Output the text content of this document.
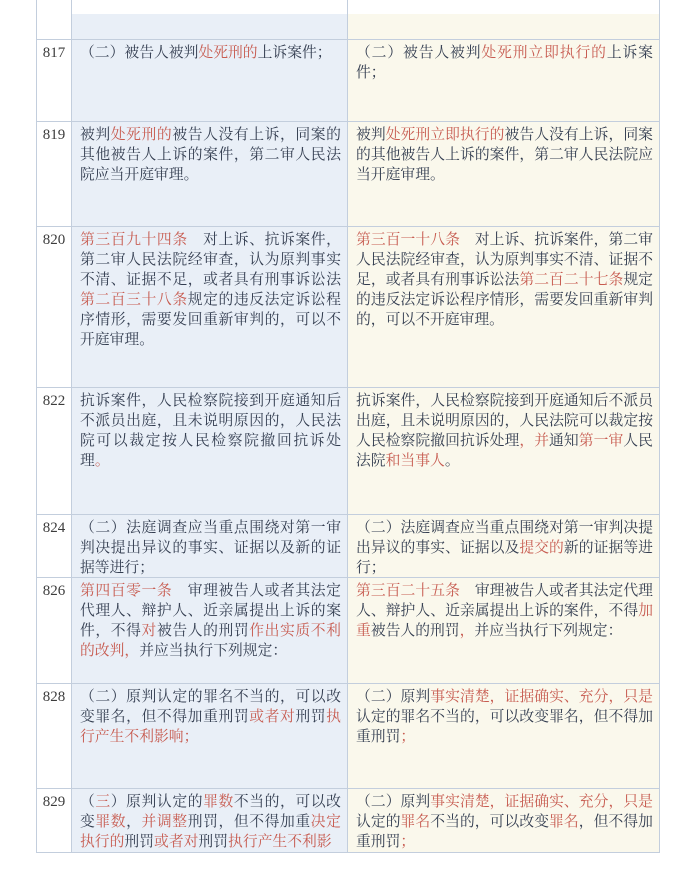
817 （二）被告人被判处死刑的上诉案件；	（二）被告人被判处死刑立即执行的上诉案件；
819 被判处死刑的被告人没有上诉，同案的其他被告人上诉的案件，第二审人民法院应当开庭审理。
被判处死刑立即执行的被告人没有上诉，同案的其他被告人上诉的案件，第二审人民法院应当开庭审理。
820 第三百九十四条　对上诉、抗诉案件，第二审人民法院经审查，认为原判事实不清、证据不足，或者具有刑事诉讼法第二百三十八条规定的违反法定诉讼程序情形，需要发回重新审判的，可以不开庭审理。
第三百一十八条　对上诉、抗诉案件，第二审人民法院经审查，认为原判事实不清、证据不足，或者具有刑事诉讼法第二百二十七条规定的违反法定诉讼程序情形，需要发回重新审判的，可以不开庭审理。
822 抗诉案件，人民检察院接到开庭通知后不派员出庭，且未说明原因的，人民法院可以裁定按人民检察院撤回抗诉处理。
抗诉案件，人民检察院接到开庭通知后不派员出庭，且未说明原因的，人民法院可以裁定按人民检察院撤回抗诉处理，并通知第一审人民法院和当事人。
824 （二）法庭调查应当重点围绕对第一审判决提出异议的事实、证据以及新的证据等进行；
（二）法庭调查应当重点围绕对第一审判决提出异议的事实、证据以及提交的新的证据等进行；
826 第四百零一条　审理被告人或者其法定代理人、辩护人、近亲属提出上诉的案件，不得对被告人的刑罚作出实质不利的改判，并应当执行下列规定：
第三百二十五条　审理被告人或者其法定代理人、辩护人、近亲属提出上诉的案件，不得加重被告人的刑罚，并应当执行下列规定：
828 （二）原判认定的罪名不当的，可以改变罪名，但不得加重刑罚或者对刑罚执行产生不利影响；
（二）原判事实清楚，证据确实、充分，只是认定的罪名不当的，可以改变罪名，但不得加重刑罚；
829 （三）原判认定的罪数不当的，可以改变罪数，并调整刑罚，但不得加重决定执行的刑罚或者对刑罚执行产生不利影
（二）原判事实清楚，证据确实、充分，只是认定的罪名不当的，可以改变罪名，但不得加重刑罚；
